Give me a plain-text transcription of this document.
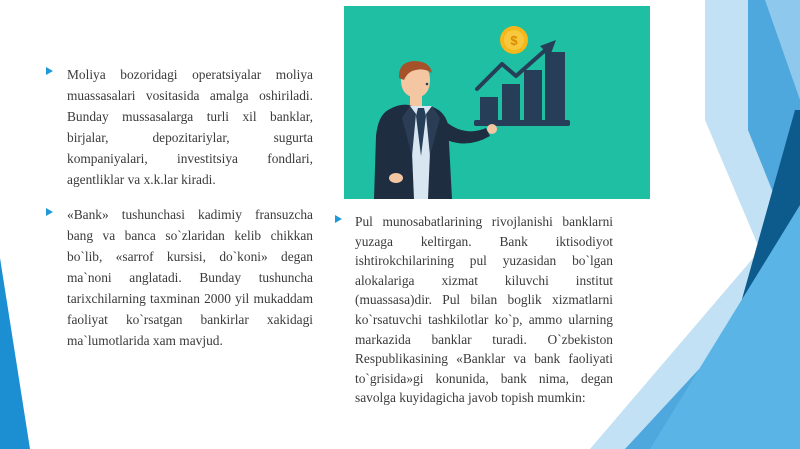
Moliya bozoridagi operatsiyalar moliya muassasalari vositasida amalga oshiriladi. Bunday mussasalarga turli xil banklar, birjalar, depozitariylar, sugurta kompaniyalari, investitsiya fondlari, agentliklar va x.k.lar kiradi.

«Bank» tushunchasi kadimiy fransuzcha bang va banca so`zlaridan kelib chikkan bo`lib, «sarrof kursisi, do`koni» degan ma`noni anglatadi. Bunday tushuncha tarixchilarning taxminan 2000 yil mukaddam faoliyat ko`rsatgan bankirlar xakidagi ma`lumotlarida xam mavjud.

Pul munosabatlarining rivojlanishi banklarni yuzaga keltirgan. Bank iktisodiyot ishtirokchilarining pul yuzasidan bo`lgan alokalariga xizmat kiluvchi institut (muassasa)dir. Pul bilan boglik xizmatlarni ko`rsatuvchi tashkilotlar ko`p, ammo ularning markazida banklar turadi. O`zbekiston Respublikasining «Banklar va bank faoliyati to`grisida»gi konunida, bank nima, degan savolga kuyidagicha javob topish mumkin:

$
